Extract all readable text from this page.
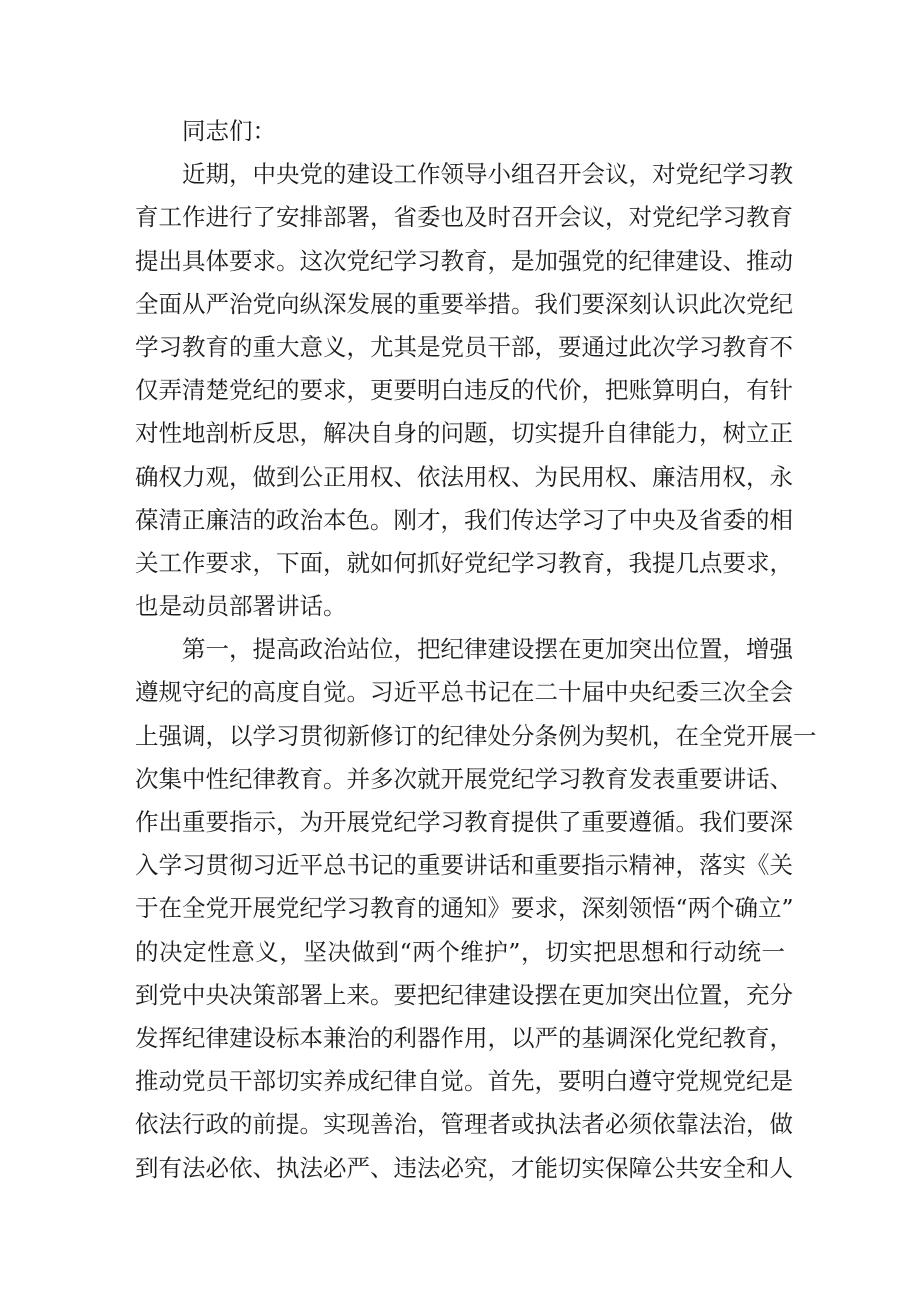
同志们：
近期，中央党的建设工作领导小组召开会议，对党纪学习教
育工作进行了安排部署，省委也及时召开会议，对党纪学习教育
提出具体要求。这次党纪学习教育，是加强党的纪律建设、推动
全面从严治党向纵深发展的重要举措。我们要深刻认识此次党纪
学习教育的重大意义，尤其是党员干部，要通过此次学习教育不
仅弄清楚党纪的要求，更要明白违反的代价，把账算明白，有针
对性地剖析反思，解决自身的问题，切实提升自律能力，树立正
确权力观，做到公正用权、依法用权、为民用权、廉洁用权，永
葆清正廉洁的政治本色。刚才，我们传达学习了中央及省委的相
关工作要求，下面，就如何抓好党纪学习教育，我提几点要求，
也是动员部署讲话。
第一，提高政治站位，把纪律建设摆在更加突出位置，增强
遵规守纪的高度自觉。习近平总书记在二十届中央纪委三次全会
上强调，以学习贯彻新修订的纪律处分条例为契机，在全党开展一
次集中性纪律教育。并多次就开展党纪学习教育发表重要讲话、
作出重要指示，为开展党纪学习教育提供了重要遵循。我们要深
入学习贯彻习近平总书记的重要讲话和重要指示精神，落实《关
于在全党开展党纪学习教育的通知》要求，深刻领悟“两个确立”
的决定性意义，坚决做到“两个维护”，切实把思想和行动统一
到党中央决策部署上来。要把纪律建设摆在更加突出位置，充分
发挥纪律建设标本兼治的利器作用，以严的基调深化党纪教育，
推动党员干部切实养成纪律自觉。首先，要明白遵守党规党纪是
依法行政的前提。实现善治，管理者或执法者必须依靠法治，做
到有法必依、执法必严、违法必究，才能切实保障公共安全和人
